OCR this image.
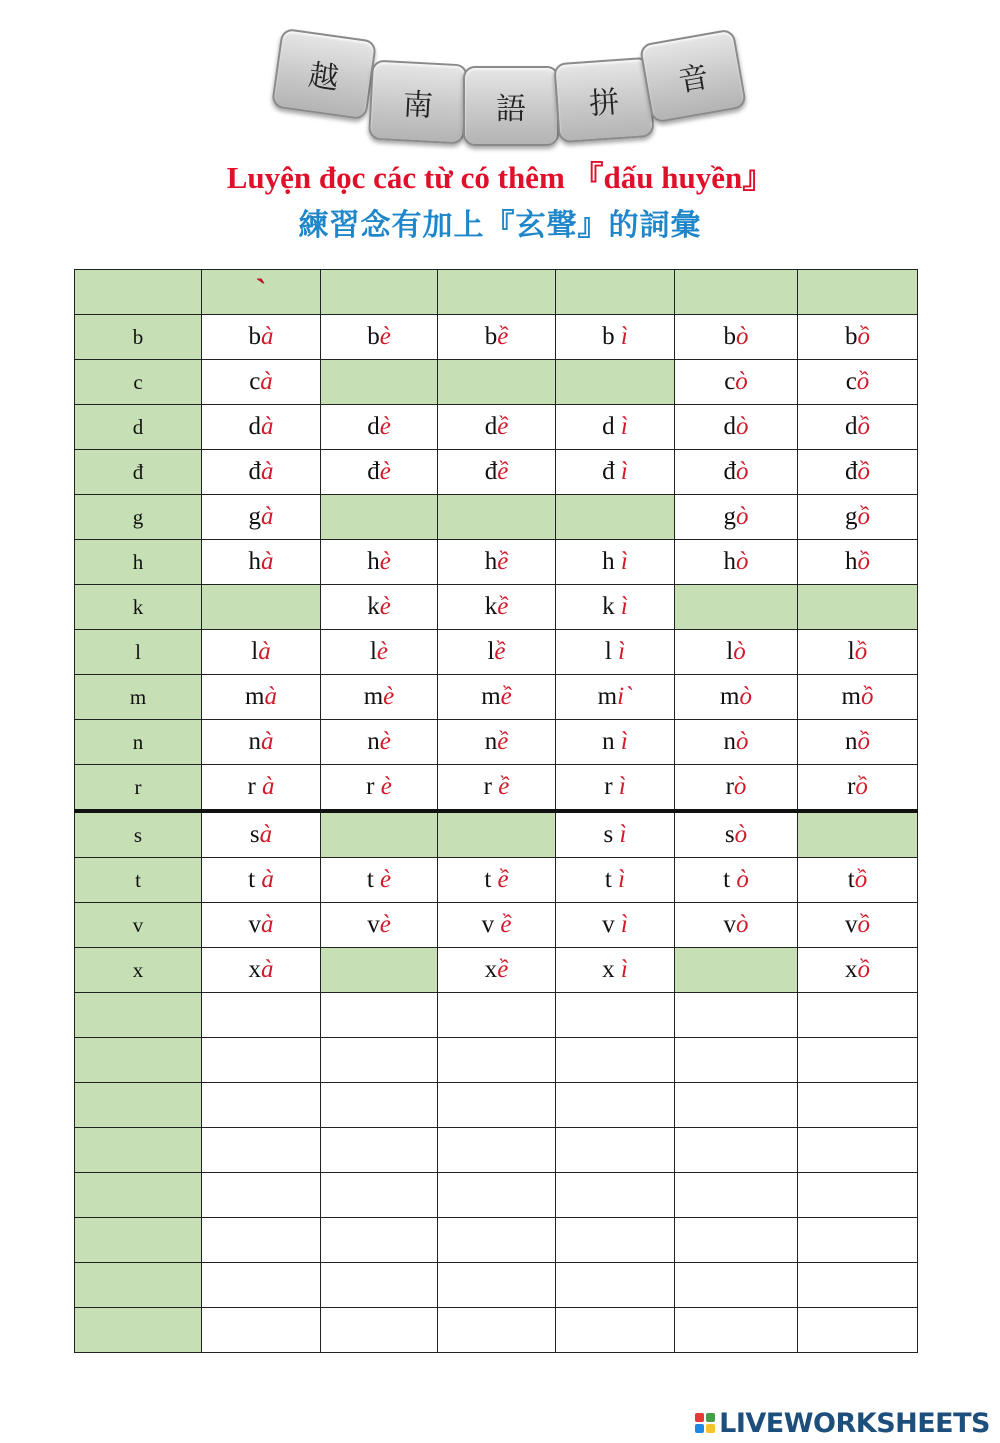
越
南 語 拼
音
Luyện đọc các từ có thêm 『dấu huyền』
練習念有加上『玄聲』的詞彙
	ˋ					
b	bà	bè	bề	b ì	bò	bồ
c	cà				cò	cồ
d	dà	dè	dề	d ì	dò	dồ
đ	đà	đè	đề	đ ì	đò	đồ
g	gà				gò	gồ
h	hà	hè	hề	h ì	hò	hồ
k		kè	kề	k ì		
l	là	lè	lề	l ì	lò	lồ
m	mà	mè	mề	mi`	mò	mồ
n	nà	nè	nề	n ì	nò	nồ
r	r à	r è	r ề	r ì	rò	rồ
s	sà			s ì	sò	
t	t à	t è	t ề	t ì	t ò	tồ
v	và	vè	v ề	v ì	vò	vồ
x	xà		xề	x ì		xồ

LIVEWORKSHEETS
